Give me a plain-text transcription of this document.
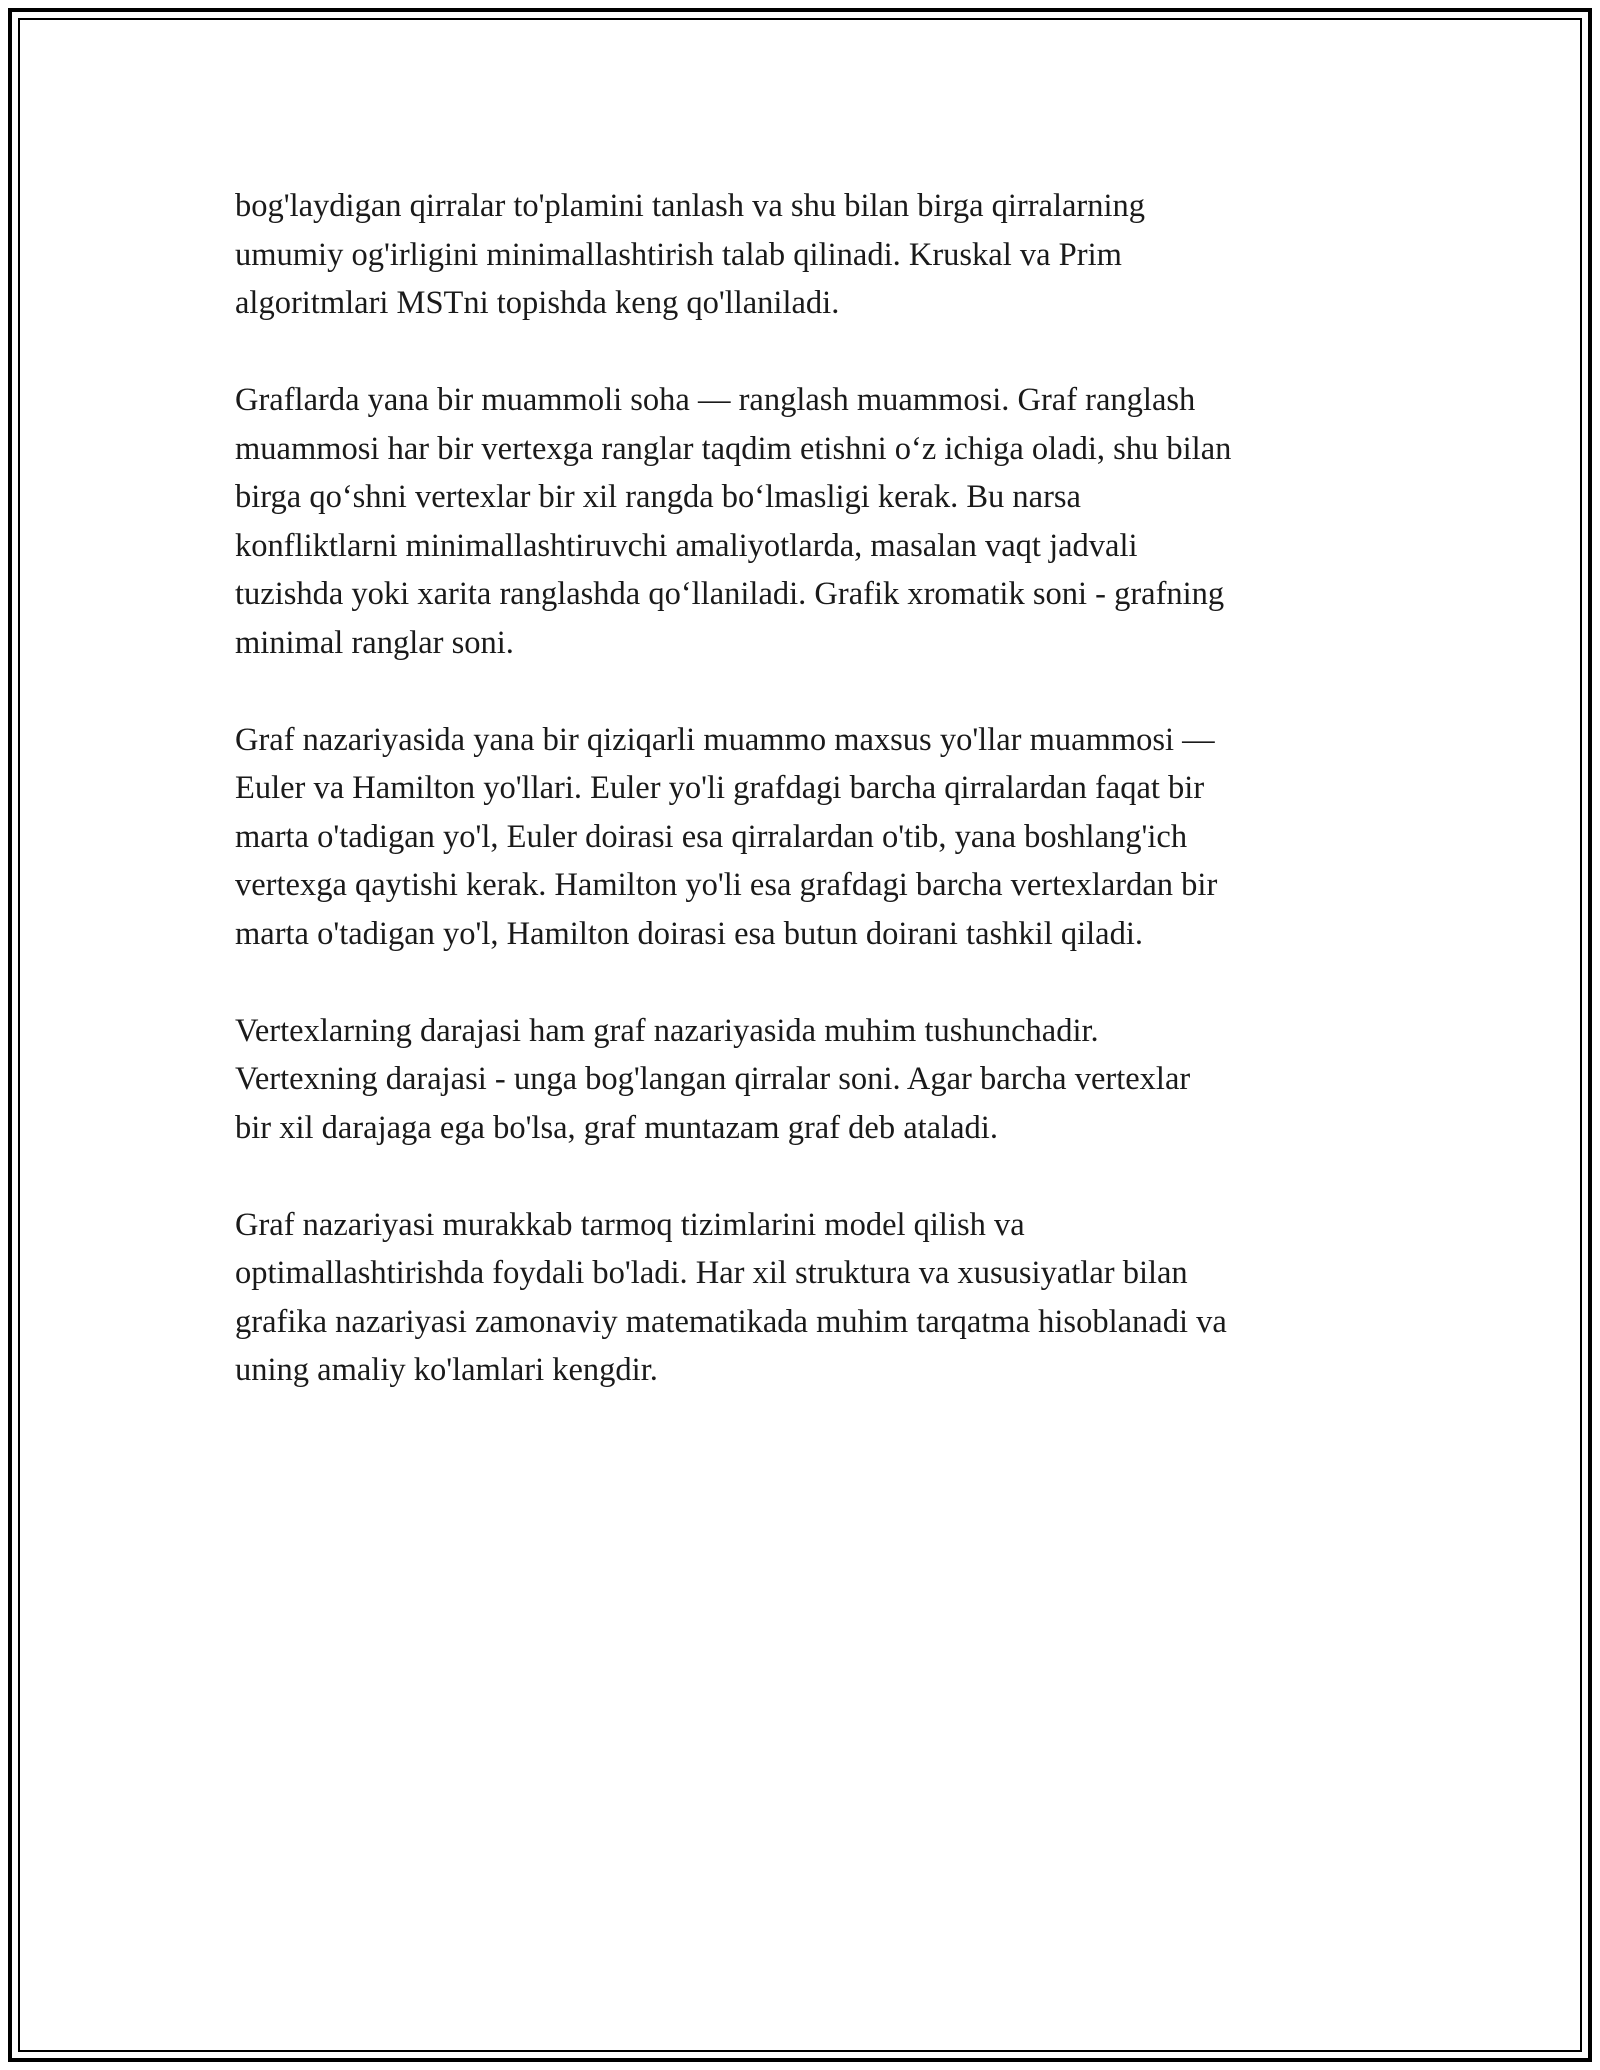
bog'laydigan qirralar to'plamini tanlash va shu bilan birga qirralarning
umumiy og'irligini minimallashtirish talab qilinadi. Kruskal va Prim
algoritmlari MSTni topishda keng qo'llaniladi.

Graflarda yana bir muammoli soha — ranglash muammosi. Graf ranglash
muammosi har bir vertexga ranglar taqdim etishni oʻz ichiga oladi, shu bilan
birga qoʻshni vertexlar bir xil rangda boʻlmasligi kerak. Bu narsa
konfliktlarni minimallashtiruvchi amaliyotlarda, masalan vaqt jadvali
tuzishda yoki xarita ranglashda qoʻllaniladi. Grafik xromatik soni - grafning
minimal ranglar soni.

Graf nazariyasida yana bir qiziqarli muammo maxsus yo'llar muammosi —
Euler va Hamilton yo'llari. Euler yo'li grafdagi barcha qirralardan faqat bir
marta o'tadigan yo'l, Euler doirasi esa qirralardan o'tib, yana boshlang'ich
vertexga qaytishi kerak. Hamilton yo'li esa grafdagi barcha vertexlardan bir
marta o'tadigan yo'l, Hamilton doirasi esa butun doirani tashkil qiladi.

Vertexlarning darajasi ham graf nazariyasida muhim tushunchadir.
Vertexning darajasi - unga bog'langan qirralar soni. Agar barcha vertexlar
bir xil darajaga ega bo'lsa, graf muntazam graf deb ataladi.

Graf nazariyasi murakkab tarmoq tizimlarini model qilish va
optimallashtirishda foydali bo'ladi. Har xil struktura va xususiyatlar bilan
grafika nazariyasi zamonaviy matematikada muhim tarqatma hisoblanadi va
uning amaliy ko'lamlari kengdir.
